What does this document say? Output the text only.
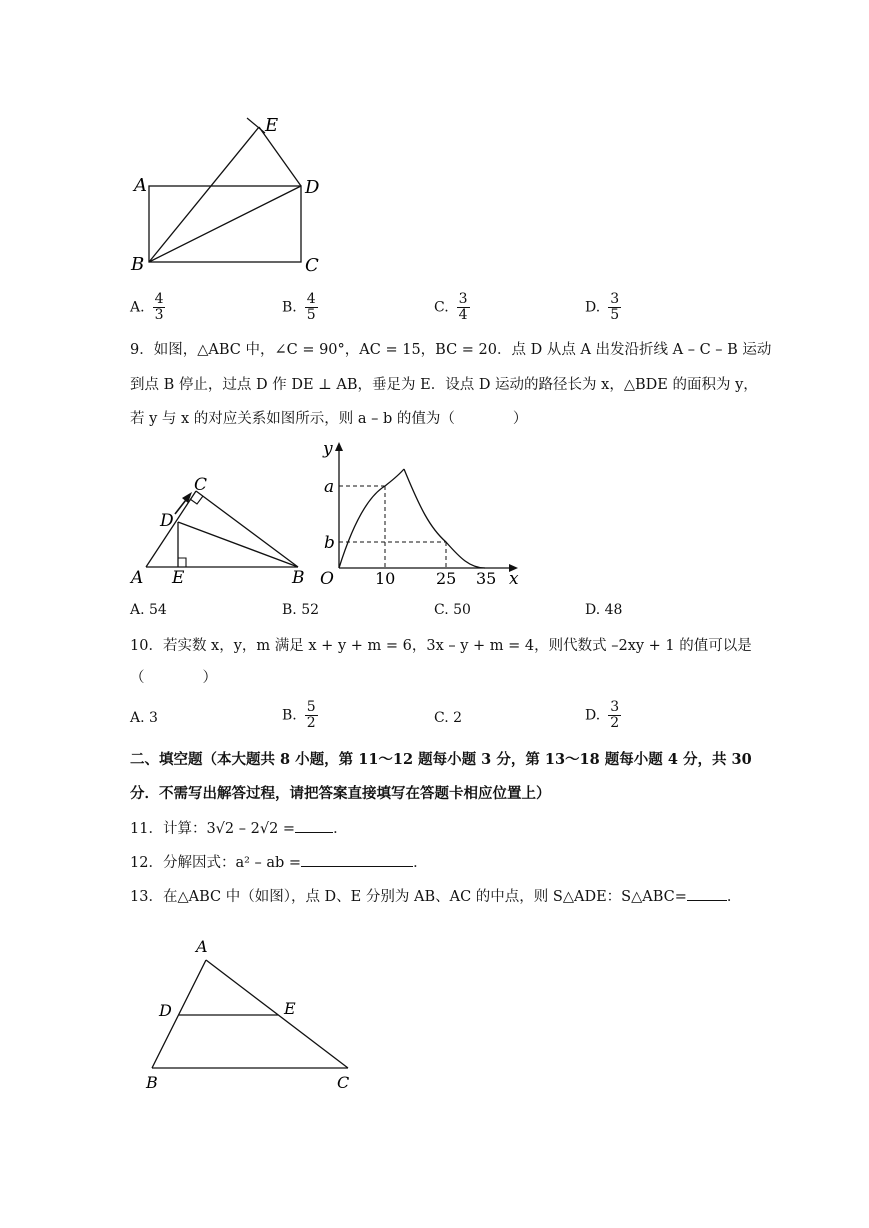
E
A	D
B	C
A. $\frac{4}{3}$	B. $\frac{4}{5}$	C. $\frac{3}{4}$	D. $\frac{3}{5}$
9．如图，△ABC 中，∠C = 90°，AC = 15，BC = 20．点 D 从点 A 出发沿折线 A – C – B 运动
到点 B 停止，过点 D 作 DE ⊥ AB，垂足为 E．设点 D 运动的路径长为 x，△BDE 的面积为 y，
若 y 与 x 的对应关系如图所示，则 a – b 的值为（　　　　）
C
D
A E	B
y
a
b
O	x
10	25 35
A. 54	B. 52	C. 50	D. 48
10．若实数 x，y，m 满足 x + y + m = 6，3x – y + m = 4，则代数式 –2xy + 1 的值可以是
（　　　　）
A. 3	B. $\frac{5}{2}$	C. 2	D. $\frac{3}{2}$
二、填空题（本大题共 8 小题，第 11～12 题每小题 3 分，第 13～18 题每小题 4 分，共 30
分．不需写出解答过程，请把答案直接填写在答题卡相应位置上）
11．计算：3√2 – 2√2 =	．
12．分解因式：a² – ab =	．
13．在△ABC 中（如图），点 D、E 分别为 AB、AC 的中点，则 S△ADE：S△ABC=	．
A
D	E
B	C
